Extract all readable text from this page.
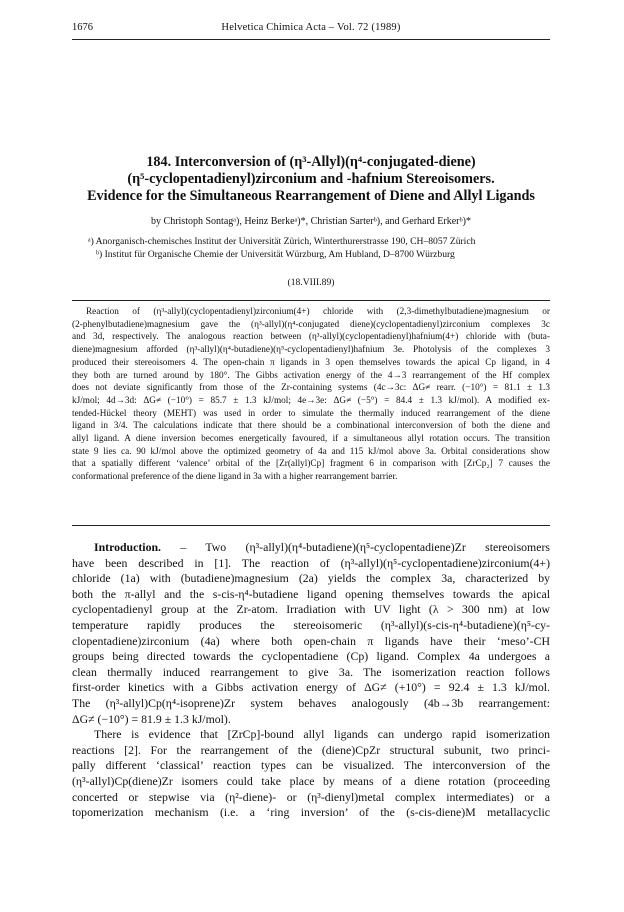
1676	Helvetica Chimica Acta – Vol. 72 (1989)
184. Interconversion of (η³-Allyl)(η⁴-conjugated-diene)
(η⁵-cyclopentadienyl)zirconium and -hafnium Stereoisomers.
Evidence for the Simultaneous Rearrangement of Diene and Allyl Ligands
by Christoph Sontagᵃ), Heinz Berkeᵃ)*, Christian Sarterᵇ), and Gerhard Erkerᵇ)*
ᵃ) Anorganisch-chemisches Institut der Universität Zürich, Winterthurerstrasse 190, CH–8057 Zürich
ᵇ) Institut für Organische Chemie der Universität Würzburg, Am Hubland, D–8700 Würzburg
(18.VIII.89)
Reaction of (η³-allyl)(cyclopentadienyl)zirconium(4+) chloride with (2,3-dimethylbutadiene)magnesium or
(2-phenylbutadiene)magnesium gave the (η³-allyl)(η⁴-conjugated diene)(cyclopentadienyl)zirconium complexes 3c
and 3d, respectively. The analogous reaction between (η³-allyl)(cyclopentadienyl)hafnium(4+) chloride with (buta-
diene)magnesium afforded (η³-allyl)(η⁴-butadiene)(η⁵-cyclopentadienyl)hafnium 3e. Photolysis of the complexes 3
produced their stereoisomers 4. The open-chain π ligands in 3 open themselves towards the apical Cp ligand, in 4
they both are turned around by 180°. The Gibbs activation energy of the 4→3 rearrangement of the Hf complex
does not deviate significantly from those of the Zr-containing systems (4c→3c: ΔG≠ rearr. (−10°) = 81.1 ± 1.3
kJ/mol; 4d→3d: ΔG≠ (−10°) = 85.7 ± 1.3 kJ/mol; 4e→3e: ΔG≠ (−5°) = 84.4 ± 1.3 kJ/mol). A modified ex-
tended-Hückel theory (MEHT) was used in order to simulate the thermally induced rearrangement of the diene
ligand in 3/4. The calculations indicate that there should be a combinational interconversion of both the diene and
allyl ligand. A diene inversion becomes energetically favoured, if a simultaneous allyl rotation occurs. The transition
state 9 lies ca. 90 kJ/mol above the optimized geometry of 4a and 115 kJ/mol above 3a. Orbital considerations show
that a spatially different ‘valence’ orbital of the [Zr(allyl)Cp] fragment 6 in comparison with [ZrCp₂] 7 causes the
conformational preference of the diene ligand in 3a with a higher rearrangement barrier.
Introduction. – Two (η³-allyl)(η⁴-butadiene)(η⁵-cyclopentadiene)Zr stereoisomers
have been described in [1]. The reaction of (η³-allyl)(η⁵-cyclopentadiene)zirconium(4+)
chloride (1a) with (butadiene)magnesium (2a) yields the complex 3a, characterized by
both the π-allyl and the s-cis-η⁴-butadiene ligand opening themselves towards the apical
cyclopentadienyl group at the Zr-atom. Irradiation with UV light (λ > 300 nm) at low
temperature rapidly produces the stereoisomeric (η³-allyl)(s-cis-η⁴-butadiene)(η⁵-cy-
clopentadiene)zirconium (4a) where both open-chain π ligands have their ‘meso’-CH
groups being directed towards the cyclopentadiene (Cp) ligand. Complex 4a undergoes a
clean thermally induced rearrangement to give 3a. The isomerization reaction follows
first-order kinetics with a Gibbs activation energy of ΔG≠ (+10°) = 92.4 ± 1.3 kJ/mol.
The (η³-allyl)Cp(η⁴-isoprene)Zr system behaves analogously (4b→3b rearrangement:
ΔG≠ (−10°) = 81.9 ± 1.3 kJ/mol).
There is evidence that [ZrCp]-bound allyl ligands can undergo rapid isomerization
reactions [2]. For the rearrangement of the (diene)CpZr structural subunit, two princi-
pally different ‘classical’ reaction types can be visualized. The interconversion of the
(η³-allyl)Cp(diene)Zr isomers could take place by means of a diene rotation (proceeding
concerted or stepwise via (η²-diene)- or (η³-dienyl)metal complex intermediates) or a
topomerization mechanism (i.e. a ‘ring inversion’ of the (s-cis-diene)M metallacyclic
